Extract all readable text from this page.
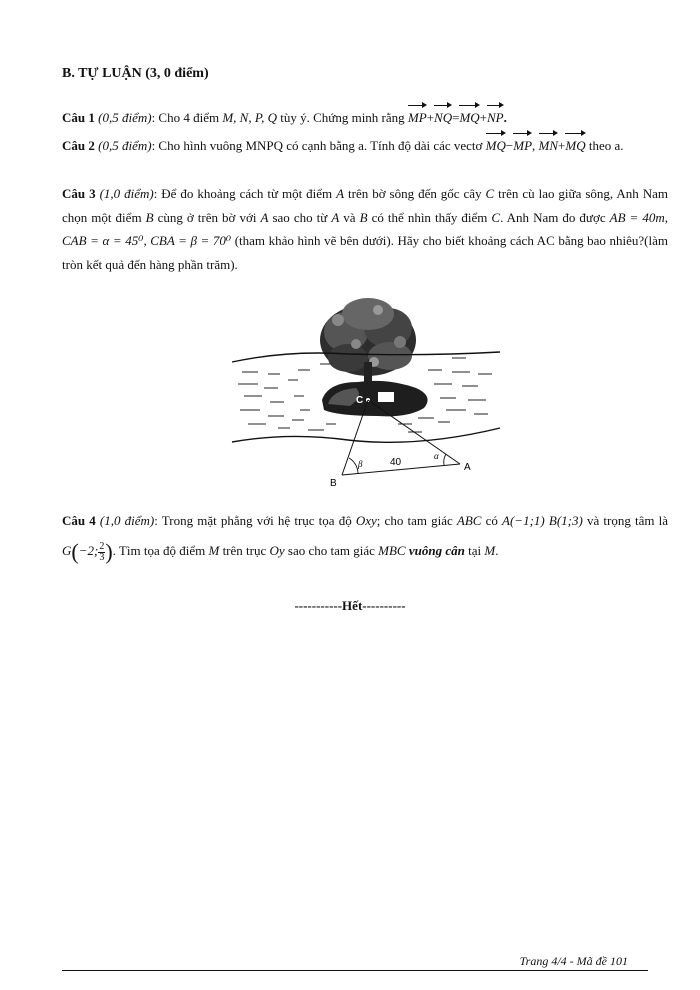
B. TỰ LUẬN (3, 0 điểm)
Câu 1 (0,5 điểm): Cho 4 điểm M, N, P, Q tùy ý. Chứng minh rằng MP+NQ=MQ+NP.
Câu 2 (0,5 điểm): Cho hình vuông MNPQ có cạnh bằng a. Tính độ dài các vectơ MQ−MP, MN+MQ theo a.
Câu 3 (1,0 điểm): Để đo khoảng cách từ một điểm A trên bờ sông đến gốc cây C trên cù lao giữa sông, Anh Nam chọn một điểm B cùng ở trên bờ với A sao cho từ A và B có thể nhìn thấy điểm C. Anh Nam đo được AB = 40m, CAB = α = 45⁰, CBA = β = 70⁰ (tham khảo hình vẽ bên dưới). Hãy cho biết khoảng cách AC bằng bao nhiêu?(làm tròn kết quả đến hàng phần trăm).
C
β
α
40	A
B
Câu 4 (1,0 điểm): Trong mặt phẳng với hệ trục tọa độ Oxy; cho tam giác ABC có A(−1;1) B(1;3) và trọng tâm là G(−2; $\frac{2}{3}$ ). Tìm tọa độ điểm M trên trục Oy sao cho tam giác MBC vuông cân tại M.
-----------Hết----------
Trang 4/4 - Mã đề 101
